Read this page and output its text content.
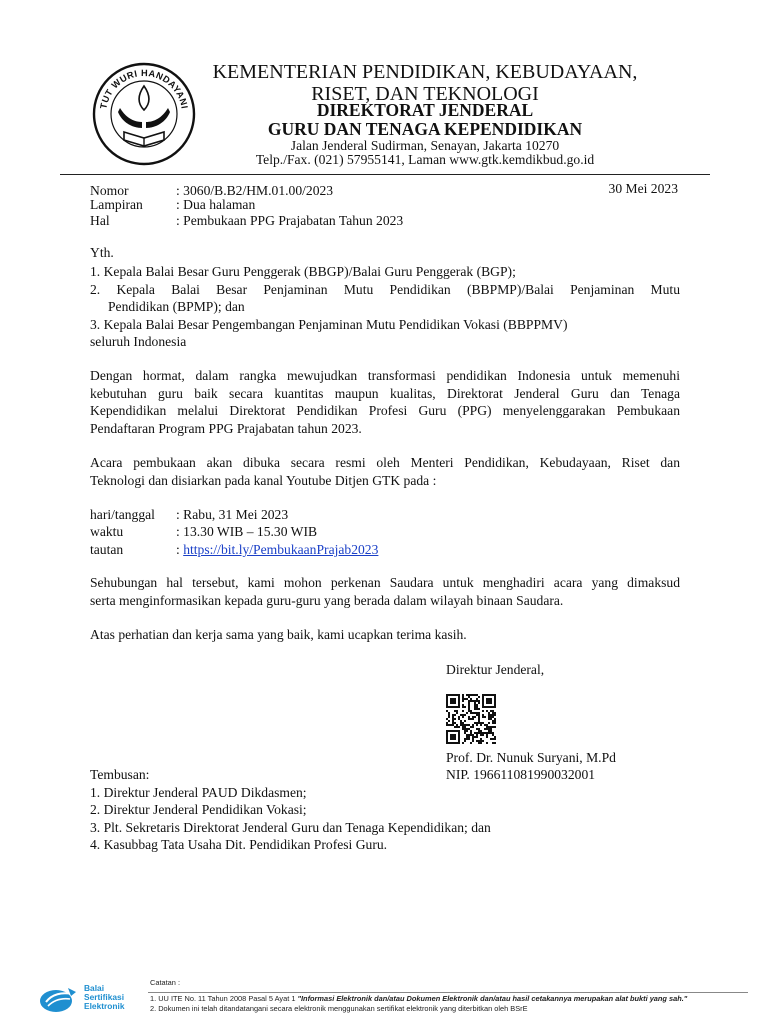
TUT WURI HANDAYANI
KEMENTERIAN PENDIDIKAN, KEBUDAYAAN,
RISET, DAN TEKNOLOGI
DIREKTORAT JENDERAL
GURU DAN TENAGA KEPENDIDIKAN
Jalan Jenderal Sudirman, Senayan, Jakarta 10270
Telp./Fax. (021) 57955141, Laman www.gtk.kemdikbud.go.id
30 Mei 2023
Nomor	: 3060/B.B2/HM.01.00/2023
Lampiran : Dua halaman
Hal	: Pembukaan PPG Prajabatan Tahun 2023
Yth.
1. Kepala Balai Besar Guru Penggerak (BBGP)/Balai Guru Penggerak (BGP);
2. Kepala Balai Besar Penjaminan Mutu Pendidikan (BBPMP)/Balai Penjaminan Mutu
Pendidikan (BPMP); dan
3. Kepala Balai Besar Pengembangan Penjaminan Mutu Pendidikan Vokasi (BBPPMV)
seluruh Indonesia
Dengan hormat, dalam rangka mewujudkan transformasi pendidikan Indonesia untuk memenuhi
kebutuhan guru baik secara kuantitas maupun kualitas, Direktorat Jenderal Guru dan Tenaga
Kependidikan melalui Direktorat Pendidikan Profesi Guru (PPG) menyelenggarakan Pembukaan
Pendaftaran Program PPG Prajabatan tahun 2023.
Acara pembukaan akan dibuka secara resmi oleh Menteri Pendidikan, Kebudayaan, Riset dan
Teknologi dan disiarkan pada kanal Youtube Ditjen GTK pada :
hari/tanggal : Rabu, 31 Mei 2023
waktu	: 13.30 WIB – 15.30 WIB
tautan	: https://bit.ly/PembukaanPrajab2023
Sehubungan hal tersebut, kami mohon perkenan Saudara untuk menghadiri acara yang dimaksud
serta menginformasikan kepada guru-guru yang berada dalam wilayah binaan Saudara.
Atas perhatian dan kerja sama yang baik, kami ucapkan terima kasih.
Direktur Jenderal,
Prof. Dr. Nunuk Suryani, M.Pd
NIP. 196611081990032001
Tembusan:
1. Direktur Jenderal PAUD Dikdasmen;
2. Direktur Jenderal Pendidikan Vokasi;
3. Plt. Sekretaris Direktorat Jenderal Guru dan Tenaga Kependidikan; dan
4. Kasubbag Tata Usaha Dit. Pendidikan Profesi Guru.
Balai
Sertifikasi
Elektronik
Catatan :
1. UU ITE No. 11 Tahun 2008 Pasal 5 Ayat 1 "Informasi Elektronik dan/atau Dokumen Elektronik dan/atau hasil cetakannya merupakan alat bukti yang sah."
2. Dokumen ini telah ditandatangani secara elektronik menggunakan sertifikat elektronik yang diterbitkan oleh BSrE
